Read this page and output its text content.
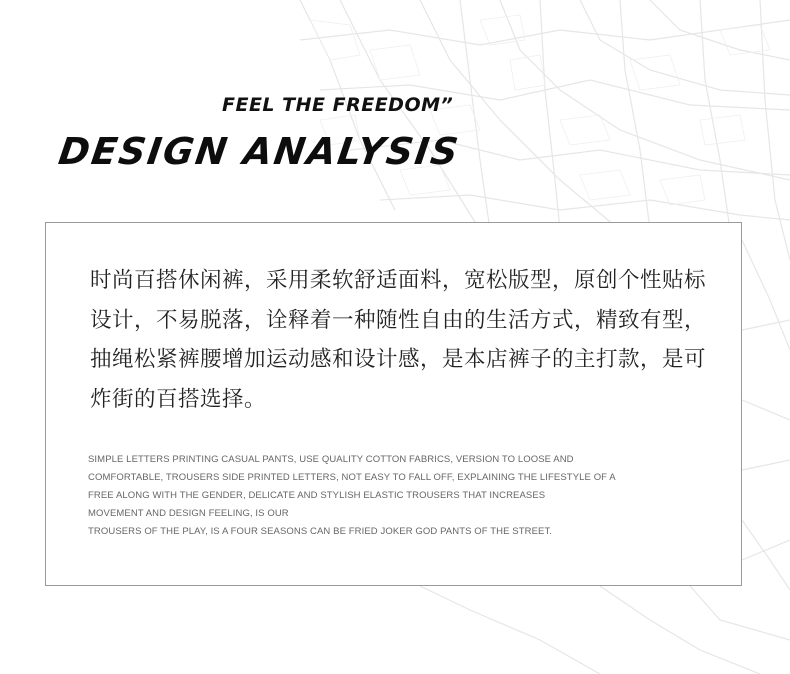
FEEL THE FREEDOM”
DESIGN ANALYSIS

时尚百搭休闲裤，采用柔软舒适面料，宽松版型，原创个性贴标设计，不易脱落，诠释着一种随性自由的生活方式，精致有型，抽绳松紧裤腰增加运动感和设计感，是本店裤子的主打款，是可炸街的百搭选择。

SIMPLE LETTERS PRINTING CASUAL PANTS, USE QUALITY COTTON FABRICS, VERSION TO LOOSE AND
COMFORTABLE, TROUSERS SIDE PRINTED LETTERS, NOT EASY TO FALL OFF, EXPLAINING THE LIFESTYLE OF A
FREE ALONG WITH THE GENDER, DELICATE AND STYLISH ELASTIC TROUSERS THAT INCREASES
MOVEMENT AND DESIGN FEELING, IS OUR
TROUSERS OF THE PLAY, IS A FOUR SEASONS CAN BE FRIED JOKER GOD PANTS OF THE STREET.
